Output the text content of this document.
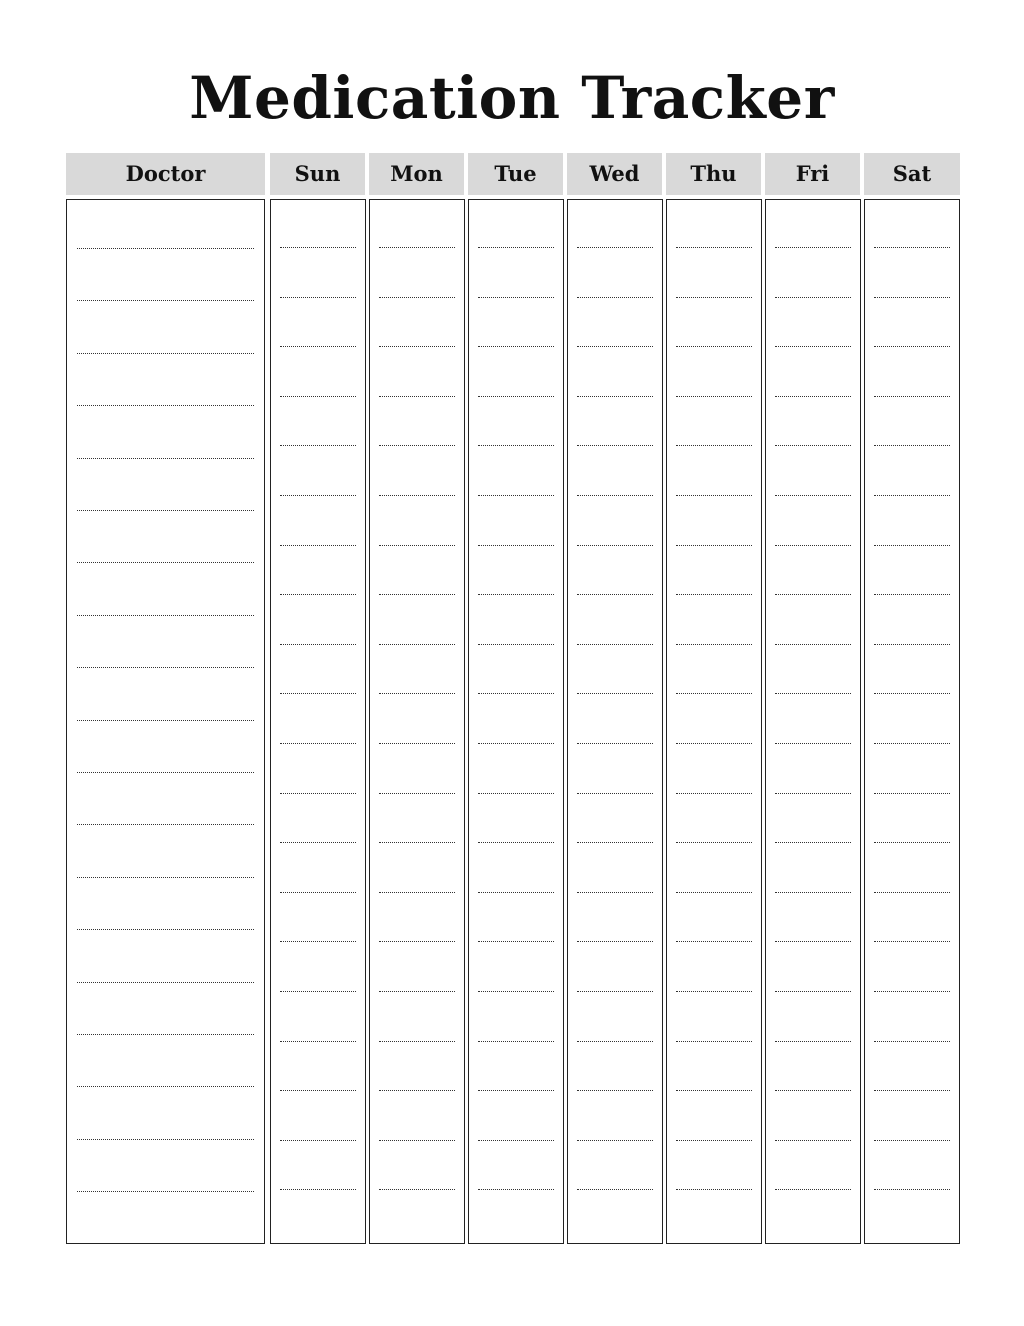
Medication Tracker
Doctor	Sun	Mon	Tue	Wed	Thu	Fri	Sat
